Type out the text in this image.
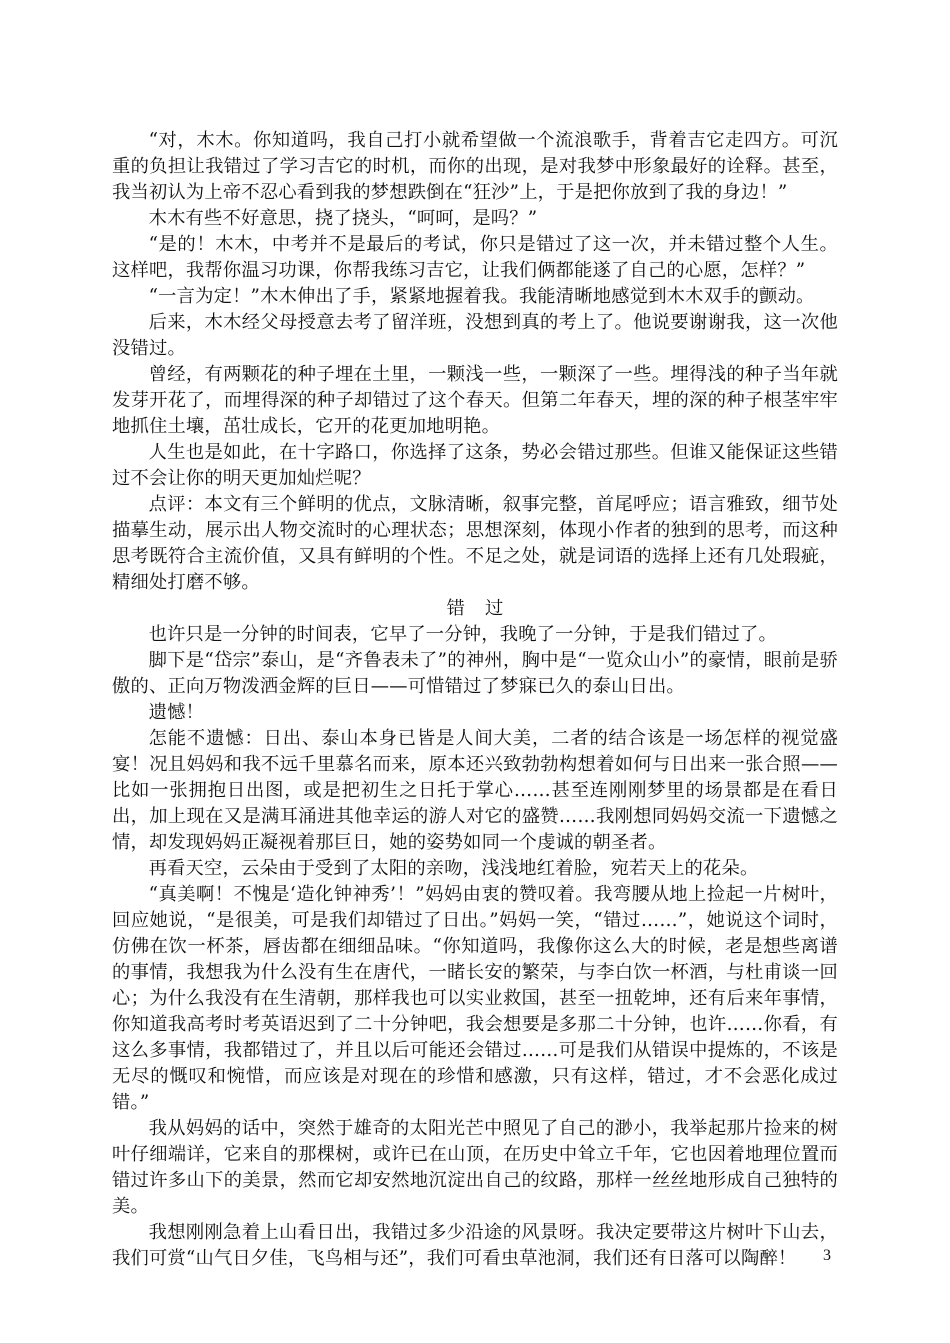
“对，木木。你知道吗，我自己打小就希望做一个流浪歌手，背着吉它走四方。可沉重的负担让我错过了学习吉它的时机，而你的出现，是对我梦中形象最好的诠释。甚至，我当初认为上帝不忍心看到我的梦想跌倒在“狂沙”上，于是把你放到了我的身边！”

木木有些不好意思，挠了挠头，“呵呵，是吗？”

“是的！木木，中考并不是最后的考试，你只是错过了这一次，并未错过整个人生。这样吧，我帮你温习功课，你帮我练习吉它，让我们俩都能遂了自己的心愿，怎样？”

“一言为定！”木木伸出了手，紧紧地握着我。我能清晰地感觉到木木双手的颤动。

后来，木木经父母授意去考了留洋班，没想到真的考上了。他说要谢谢我，这一次他没错过。

曾经，有两颗花的种子埋在土里，一颗浅一些，一颗深了一些。埋得浅的种子当年就发芽开花了，而埋得深的种子却错过了这个春天。但第二年春天，埋的深的种子根茎牢牢地抓住土壤，茁壮成长，它开的花更加地明艳。

人生也是如此，在十字路口，你选择了这条，势必会错过那些。但谁又能保证这些错过不会让你的明天更加灿烂呢？

点评：本文有三个鲜明的优点，文脉清晰，叙事完整，首尾呼应；语言雅致，细节处描摹生动，展示出人物交流时的心理状态；思想深刻，体现小作者的独到的思考，而这种思考既符合主流价值，又具有鲜明的个性。不足之处，就是词语的选择上还有几处瑕疵，精细处打磨不够。

错过

也许只是一分钟的时间表，它早了一分钟，我晚了一分钟，于是我们错过了。

脚下是“岱宗”泰山，是“齐鲁表未了”的神州，胸中是“一览众山小”的豪情，眼前是骄傲的、正向万物泼洒金辉的巨日——可惜错过了梦寐已久的泰山日出。

遗憾！

怎能不遗憾：日出、泰山本身已皆是人间大美，二者的结合该是一场怎样的视觉盛宴！况且妈妈和我不远千里慕名而来，原本还兴致勃勃构想着如何与日出来一张合照——比如一张拥抱日出图，或是把初生之日托于掌心……甚至连刚刚梦里的场景都是在看日出，加上现在又是满耳涌进其他幸运的游人对它的盛赞……我刚想同妈妈交流一下遗憾之情，却发现妈妈正凝视着那巨日，她的姿势如同一个虔诚的朝圣者。

再看天空，云朵由于受到了太阳的亲吻，浅浅地红着脸，宛若天上的花朵。

“真美啊！不愧是‘造化钟神秀’！”妈妈由衷的赞叹着。我弯腰从地上捡起一片树叶，回应她说，“是很美，可是我们却错过了日出。”妈妈一笑，“错过……”，她说这个词时，仿佛在饮一杯茶，唇齿都在细细品味。“你知道吗，我像你这么大的时候，老是想些离谱的事情，我想我为什么没有生在唐代，一睹长安的繁荣，与李白饮一杯酒，与杜甫谈一回心；为什么我没有在生清朝，那样我也可以实业救国，甚至一扭乾坤，还有后来年事情，你知道我高考时考英语迟到了二十分钟吧，我会想要是多那二十分钟，也许……你看，有这么多事情，我都错过了，并且以后可能还会错过……可是我们从错误中提炼的，不该是无尽的慨叹和惋惜，而应该是对现在的珍惜和感激，只有这样，错过，才不会恶化成过错。”

我从妈妈的话中，突然于雄奇的太阳光芒中照见了自己的渺小，我举起那片捡来的树叶仔细端详，它来自的那棵树，或许已在山顶，在历史中耸立千年，它也因着地理位置而错过许多山下的美景，然而它却安然地沉淀出自己的纹路，那样一丝丝地形成自己独特的美。

我想刚刚急着上山看日出，我错过多少沿途的风景呀。我决定要带这片树叶下山去，我们可赏“山气日夕佳，飞鸟相与还”，我们可看虫草池洞，我们还有日落可以陶醉！	3
